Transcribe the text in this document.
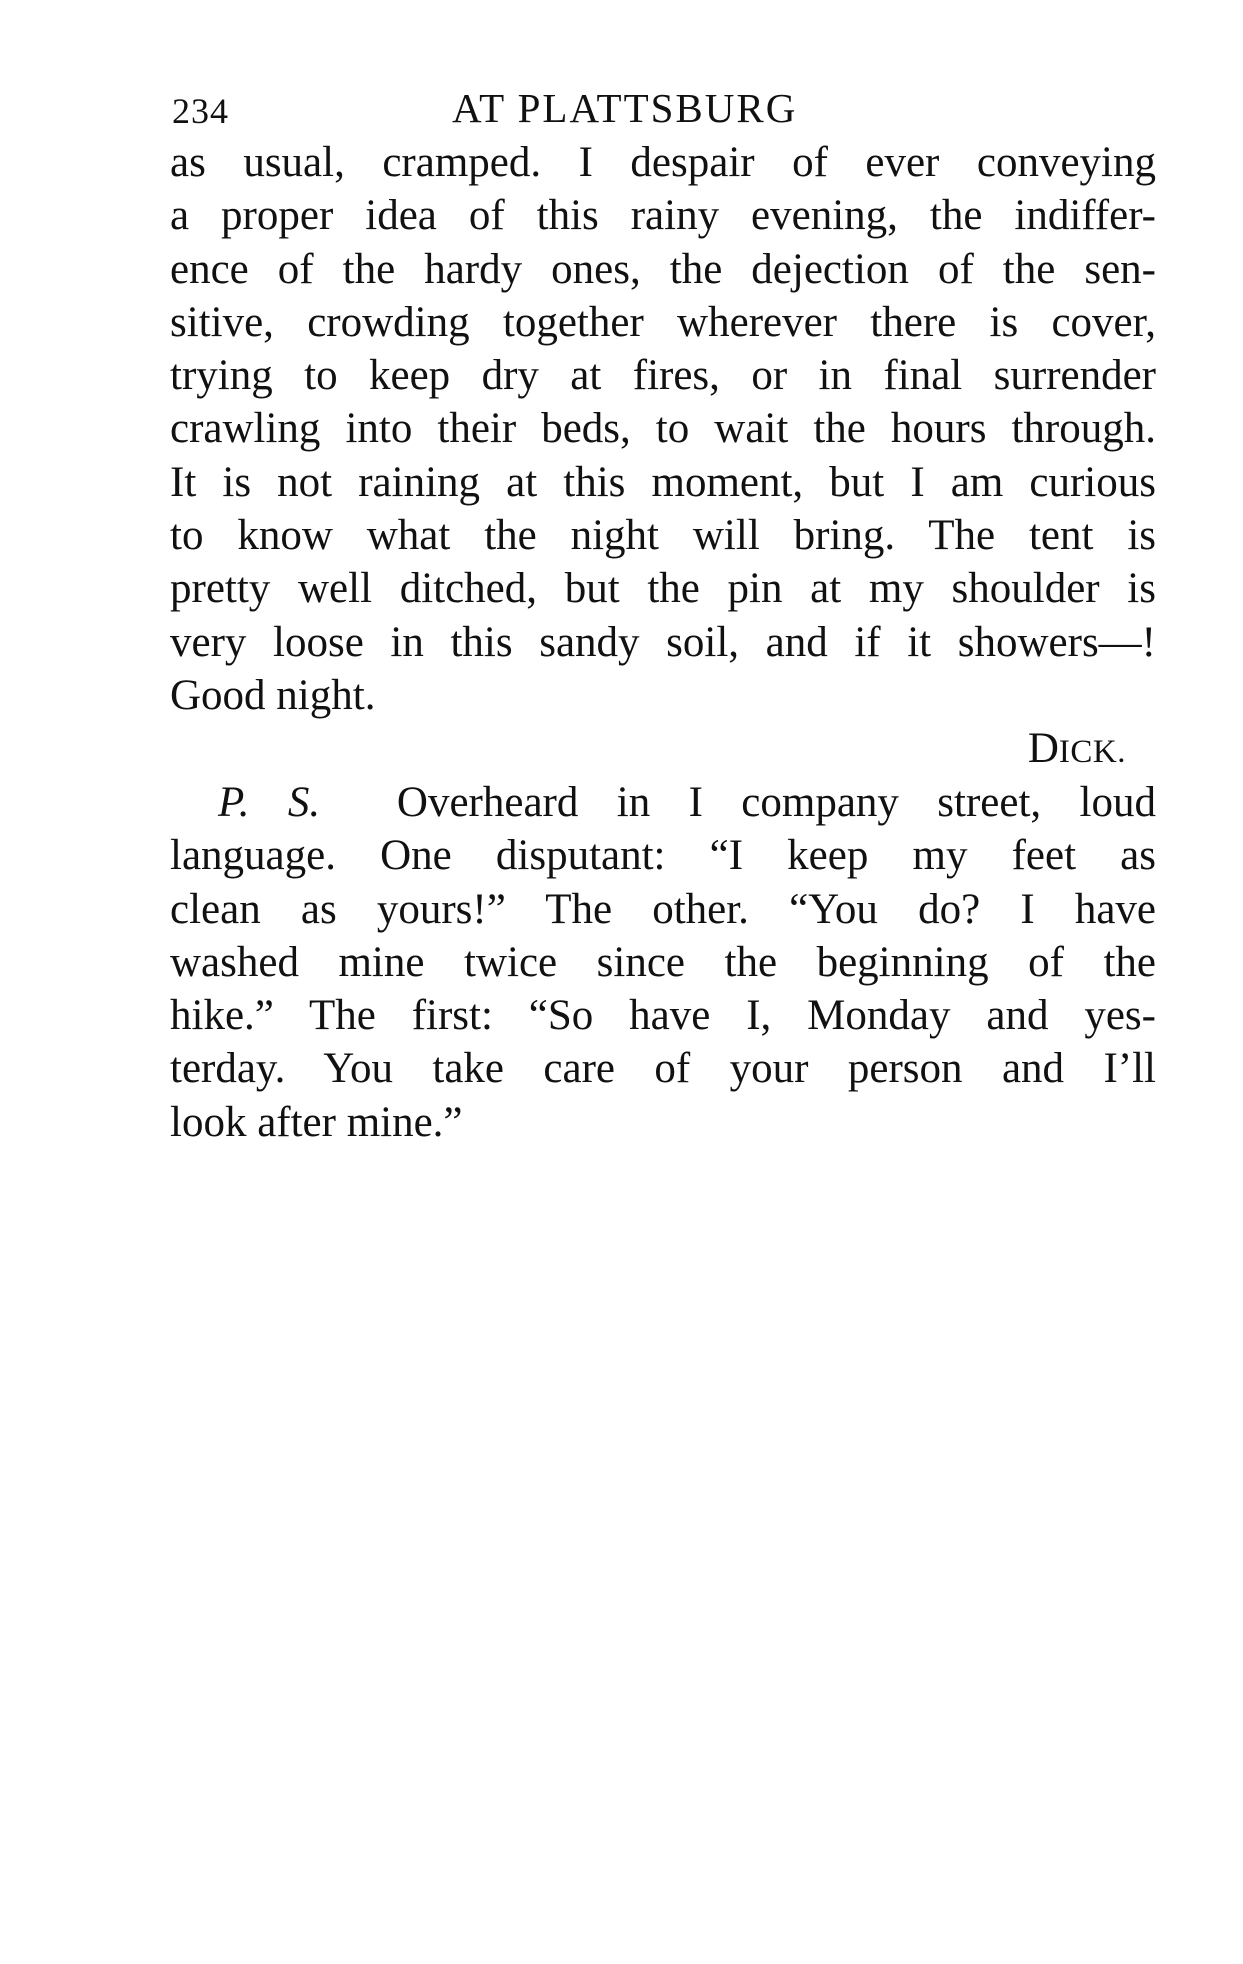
234	AT PLATTSBURG
as usual, cramped. I despair of ever conveying
a proper idea of this rainy evening, the indiffer-
ence of the hardy ones, the dejection of the sen-
sitive, crowding together wherever there is cover,
trying to keep dry at fires, or in final surrender
crawling into their beds, to wait the hours through.
It is not raining at this moment, but I am curious
to know what the night will bring. The tent is
pretty well ditched, but the pin at my shoulder is
very loose in this sandy soil, and if it showers—!
Good night.
DICK.
P. S. Overheard in I company street, loud
language. One disputant: “I keep my feet as
clean as yours!” The other. “You do? I have
washed mine twice since the beginning of the
hike.” The first: “So have I, Monday and yes-
terday. You take care of your person and I’ll
look after mine.”
